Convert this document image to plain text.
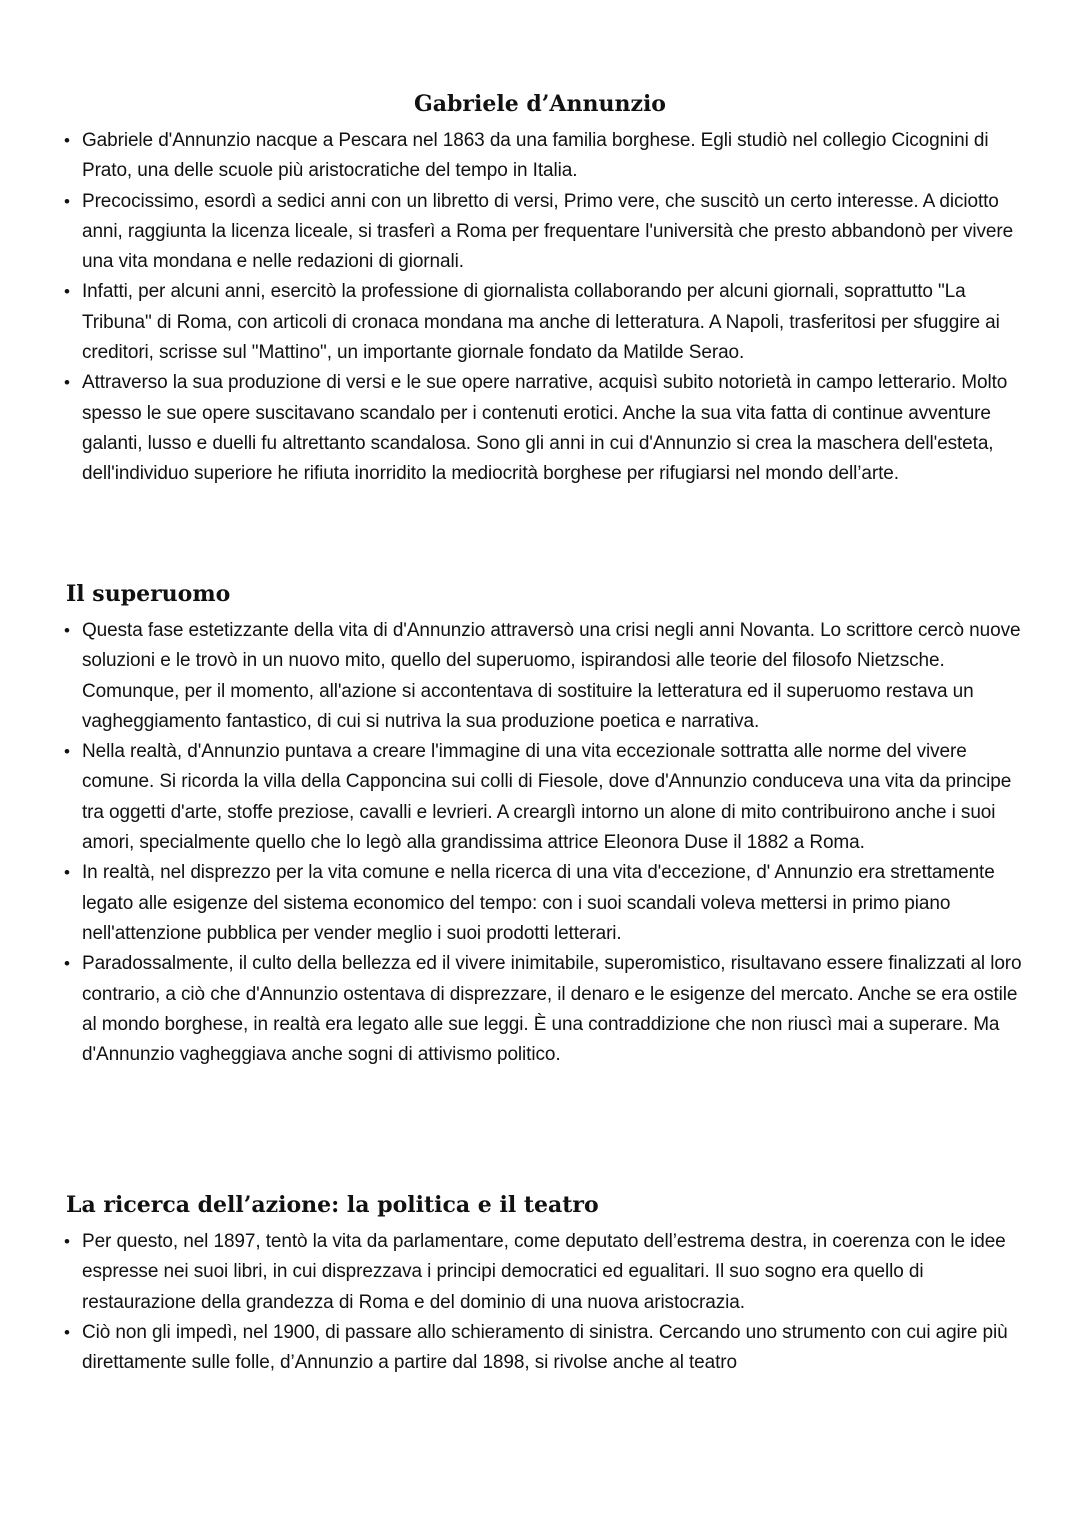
Gabriele d’Annunzio
• Gabriele d'Annunzio nacque a Pescara nel 1863 da una familia borghese. Egli studiò nel collegio Cicognini di Prato, una delle scuole più aristocratiche del tempo in Italia.
• Precocissimo, esordì a sedici anni con un libretto di versi, Primo vere, che suscitò un certo interesse. A diciotto anni, raggiunta la licenza liceale, si trasferì a Roma per frequentare l'università che presto abbandonò per vivere una vita mondana e nelle redazioni di giornali.
• Infatti, per alcuni anni, esercitò la professione di giornalista collaborando per alcuni giornali, soprattutto "La Tribuna" di Roma, con articoli di cronaca mondana ma anche di letteratura. A Napoli, trasferitosi per sfuggire ai creditori, scrisse sul "Mattino", un importante giornale fondato da Matilde Serao.
• Attraverso la sua produzione di versi e le sue opere narrative, acquisì subito notorietà in campo letterario. Molto spesso le sue opere suscitavano scandalo per i contenuti erotici. Anche la sua vita fatta di continue avventure galanti, lusso e duelli fu altrettanto scandalosa. Sono gli anni in cui d'Annunzio si crea la maschera dell'esteta, dell'individuo superiore he rifiuta inorridito la mediocrità borghese per rifugiarsi nel mondo dell’arte.
Il superuomo
• Questa fase estetizzante della vita di d'Annunzio attraversò una crisi negli anni Novanta. Lo scrittore cercò nuove soluzioni e le trovò in un nuovo mito, quello del superuomo, ispirandosi alle teorie del filosofo Nietzsche. Comunque, per il momento, all'azione si accontentava di sostituire la letteratura ed il superuomo restava un vagheggiamento fantastico, di cui si nutriva la sua produzione poetica e narrativa.
• Nella realtà, d'Annunzio puntava a creare l'immagine di una vita eccezionale sottratta alle norme del vivere comune. Si ricorda la villa della Capponcina sui colli di Fiesole, dove d'Annunzio conduceva una vita da principe tra oggetti d'arte, stoffe preziose, cavalli e levrieri. A crearglì intorno un alone di mito contribuirono anche i suoi amori, specialmente quello che lo legò alla grandissima attrice Eleonora Duse il 1882 a Roma.
• In realtà, nel disprezzo per la vita comune e nella ricerca di una vita d'eccezione, d' Annunzio era strettamente legato alle esigenze del sistema economico del tempo: con i suoi scandali voleva mettersi in primo piano nell'attenzione pubblica per vender meglio i suoi prodotti letterari.
• Paradossalmente, il culto della bellezza ed il vivere inimitabile, superomistico, risultavano essere finalizzati al loro contrario, a ciò che d'Annunzio ostentava di disprezzare, il denaro e le esigenze del mercato. Anche se era ostile al mondo borghese, in realtà era legato alle sue leggi. È una contraddizione che non riuscì mai a superare. Ma d'Annunzio vagheggiava anche sogni di attivismo politico.
La ricerca dell’azione: la politica e il teatro
• Per questo, nel 1897, tentò la vita da parlamentare, come deputato dell’estrema destra, in coerenza con le idee espresse nei suoi libri, in cui disprezzava i principi democratici ed egualitari. Il suo sogno era quello di restaurazione della grandezza di Roma e del dominio di una nuova aristocrazia.
• Ciò non gli impedì, nel 1900, di passare allo schieramento di sinistra. Cercando uno strumento con cui agire più direttamente sulle folle, d’Annunzio a partire dal 1898, si rivolse anche al teatro
